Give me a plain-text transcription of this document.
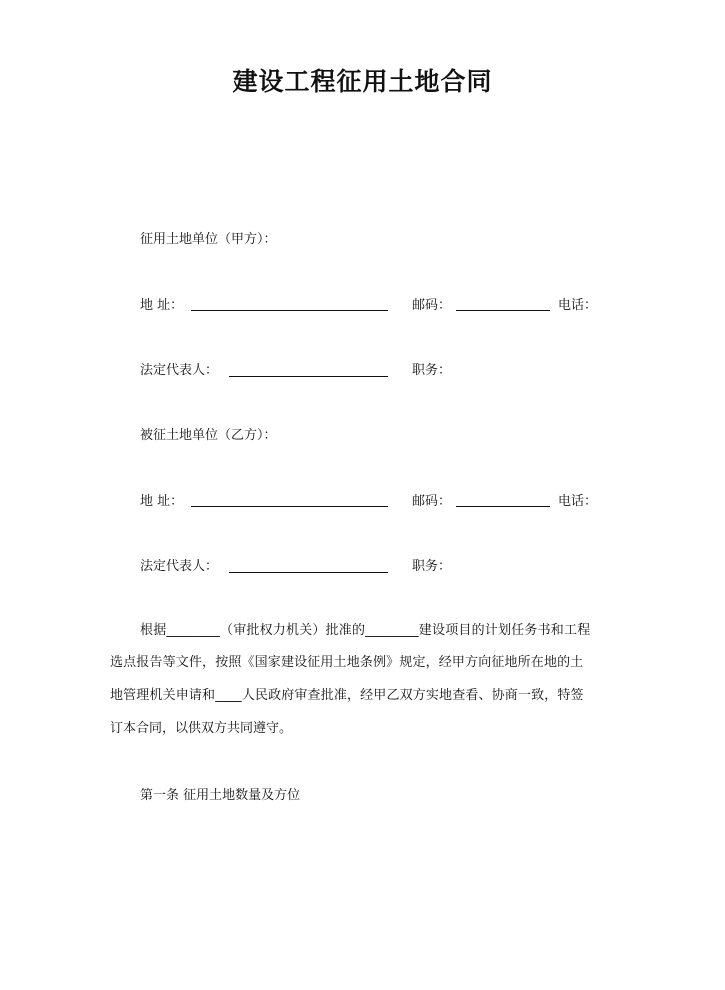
建设工程征用土地合同
征用土地单位（甲方）：
地 址：	邮码：	电话：
法定代表人：	职务：
被征土地单位（乙方）：
地 址：	邮码：	电话：
法定代表人：	职务：
根据________（审批权力机关）批准的________建设项目的计划任务书和工程
选点报告等文件，按照《国家建设征用土地条例》规定，经甲方向征地所在地的土
地管理机关申请和____人民政府审查批准，经甲乙双方实地查看、协商一致，特签
订本合同，以供双方共同遵守。
第一条 征用土地数量及方位
